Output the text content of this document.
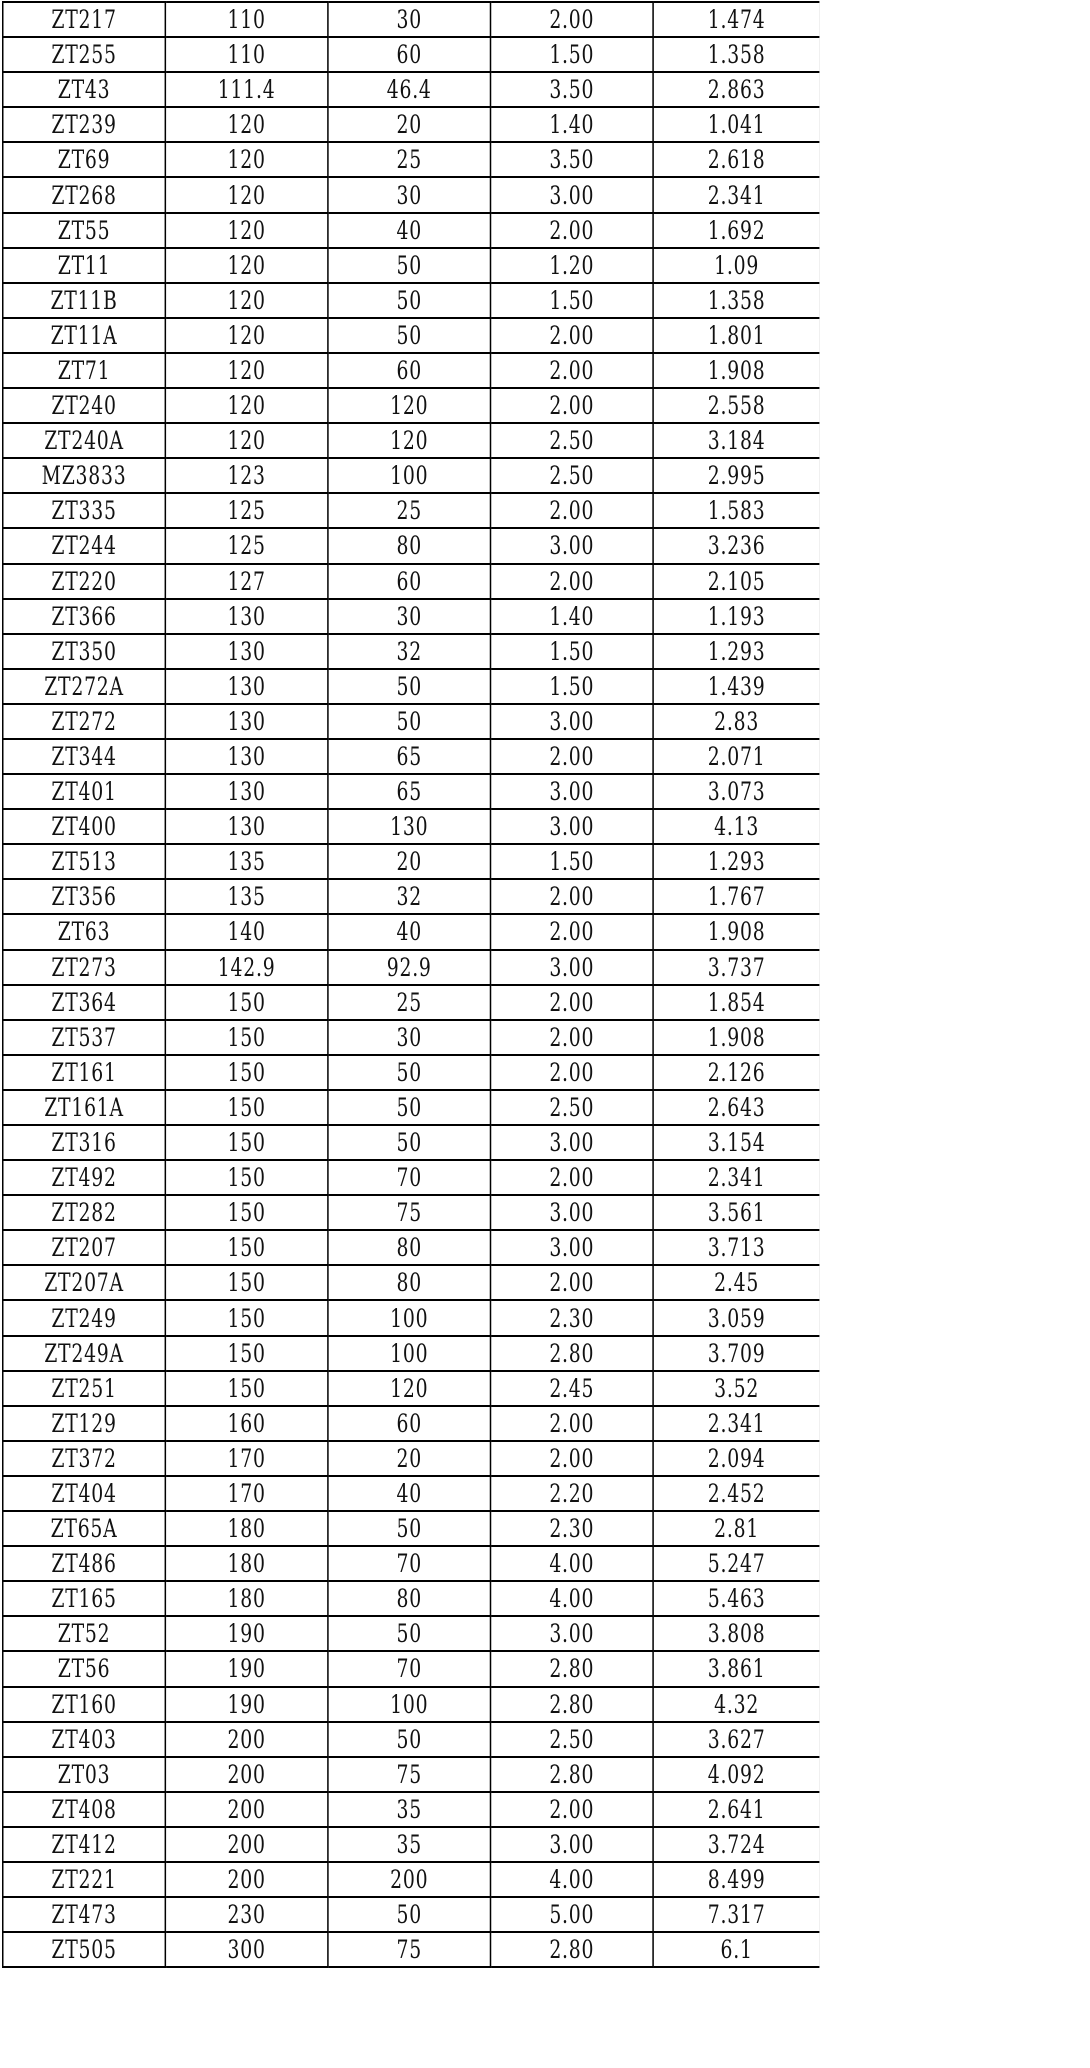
ZT217	110	30	2.00	1.474
ZT255	110	60	1.50	1.358
ZT43	111.4	46.4	3.50	2.863
ZT239	120	20	1.40	1.041
ZT69	120	25	3.50	2.618
ZT268	120	30	3.00	2.341
ZT55	120	40	2.00	1.692
ZT11	120	50	1.20	1.09
ZT11B	120	50	1.50	1.358
ZT11A	120	50	2.00	1.801
ZT71	120	60	2.00	1.908
ZT240	120	120	2.00	2.558
ZT240A	120	120	2.50	3.184
MZ3833	123	100	2.50	2.995
ZT335	125	25	2.00	1.583
ZT244	125	80	3.00	3.236
ZT220	127	60	2.00	2.105
ZT366	130	30	1.40	1.193
ZT350	130	32	1.50	1.293
ZT272A	130	50	1.50	1.439
ZT272	130	50	3.00	2.83
ZT344	130	65	2.00	2.071
ZT401	130	65	3.00	3.073
ZT400	130	130	3.00	4.13
ZT513	135	20	1.50	1.293
ZT356	135	32	2.00	1.767
ZT63	140	40	2.00	1.908
ZT273	142.9	92.9	3.00	3.737
ZT364	150	25	2.00	1.854
ZT537	150	30	2.00	1.908
ZT161	150	50	2.00	2.126
ZT161A	150	50	2.50	2.643
ZT316	150	50	3.00	3.154
ZT492	150	70	2.00	2.341
ZT282	150	75	3.00	3.561
ZT207	150	80	3.00	3.713
ZT207A	150	80	2.00	2.45
ZT249	150	100	2.30	3.059
ZT249A	150	100	2.80	3.709
ZT251	150	120	2.45	3.52
ZT129	160	60	2.00	2.341
ZT372	170	20	2.00	2.094
ZT404	170	40	2.20	2.452
ZT65A	180	50	2.30	2.81
ZT486	180	70	4.00	5.247
ZT165	180	80	4.00	5.463
ZT52	190	50	3.00	3.808
ZT56	190	70	2.80	3.861
ZT160	190	100	2.80	4.32
ZT403	200	50	2.50	3.627
ZT03	200	75	2.80	4.092
ZT408	200	35	2.00	2.641
ZT412	200	35	3.00	3.724
ZT221	200	200	4.00	8.499
ZT473	230	50	5.00	7.317
ZT505	300	75	2.80	6.1
